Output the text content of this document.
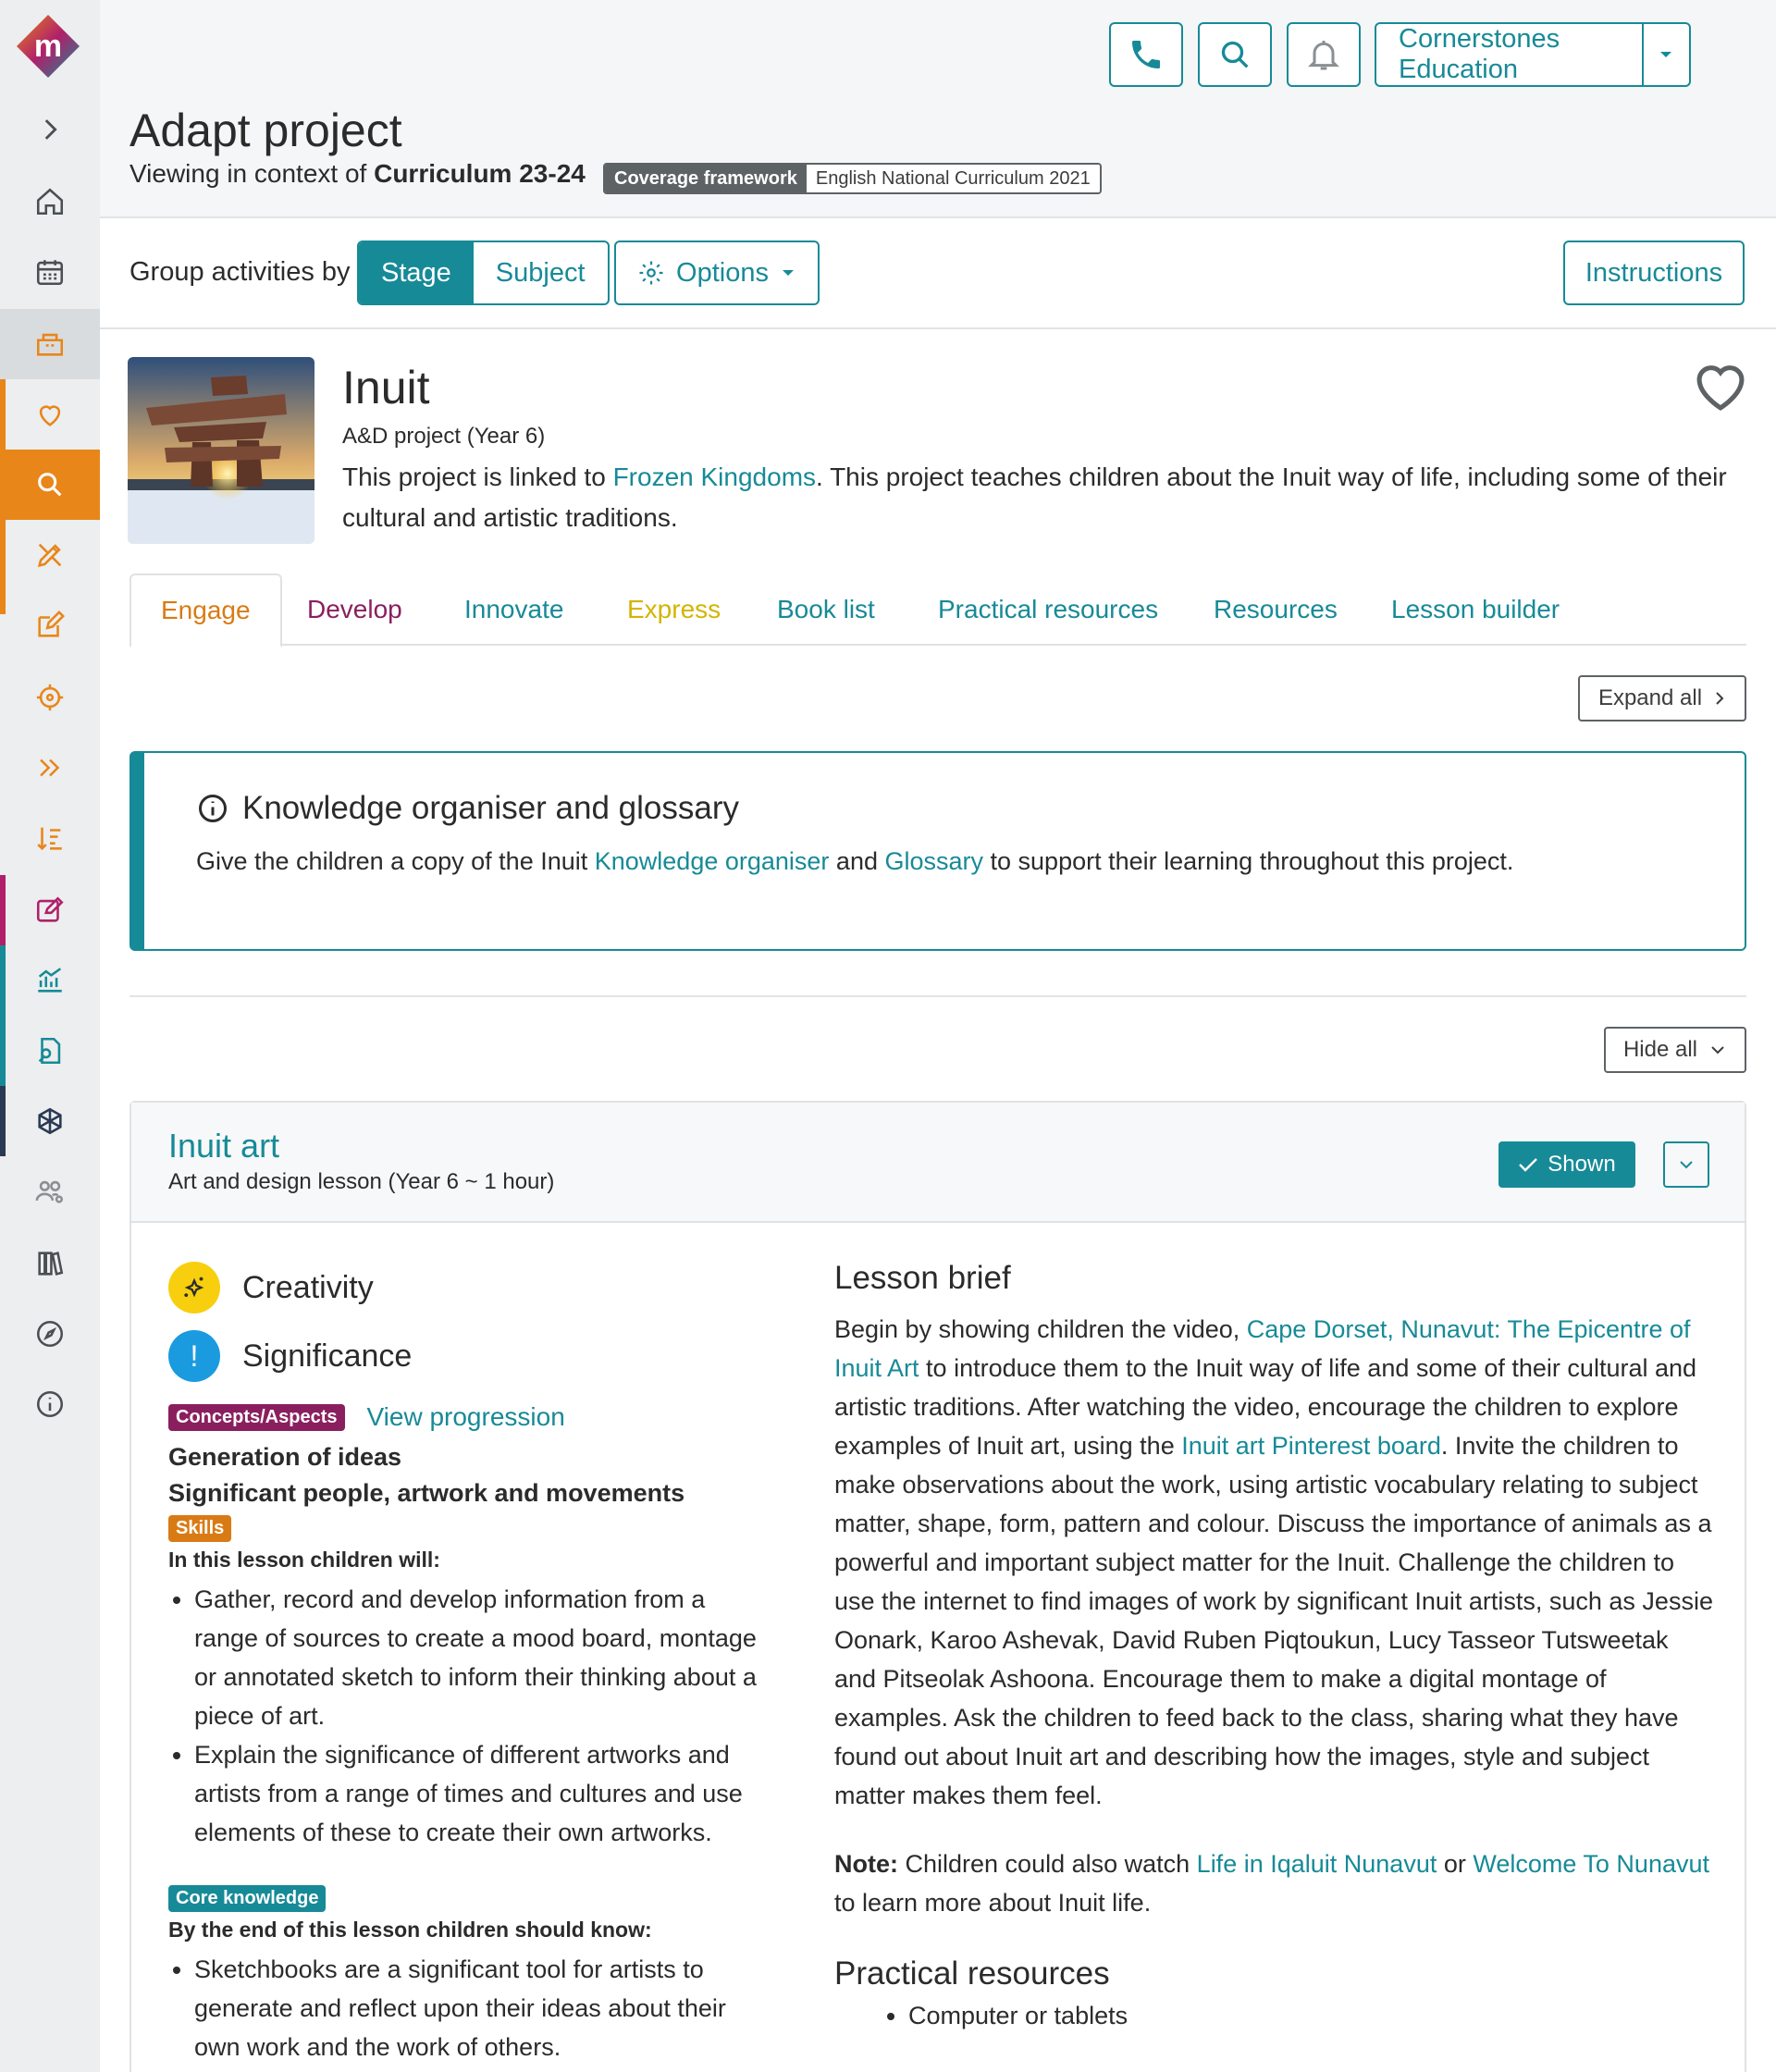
m	Cornerstones Education
Adapt project
Viewing in context of Curriculum 23-24	Coverage framework	English National Curriculum 2021
Group activities by	Stage	Subject	Options	Instructions
Inuit
A&D project (Year 6)
This project is linked to Frozen Kingdoms. This project teaches children about the Inuit way of life, including some of their cultural and artistic traditions.
Engage Develop Innovate Express Book list Practical resources Resources Lesson builder
Expand all
Knowledge organiser and glossary
Give the children a copy of the Inuit Knowledge organiser and Glossary to support their learning throughout this project.
Hide all
Inuit art
Art and design lesson (Year 6 ~ 1 hour)
Shown
Creativity
!	Significance
Concepts/Aspects View progression
Generation of ideas
Significant people, artwork and movements
Skills
In this lesson children will:
• Gather, record and develop information from a range of sources to create a mood board, montage or annotated sketch to inform their thinking about a piece of art.
• Explain the significance of different artworks and artists from a range of times and cultures and use elements of these to create their own artworks.
Core knowledge
By the end of this lesson children should know:
• Sketchbooks are a significant tool for artists to generate and reflect upon their ideas about their own work and the work of others.
Lesson brief
Begin by showing children the video, Cape Dorset, Nunavut: The Epicentre of Inuit Art to introduce them to the Inuit way of life and some of their cultural and artistic traditions. After watching the video, encourage the children to explore examples of Inuit art, using the Inuit art Pinterest board. Invite the children to make observations about the work, using artistic vocabulary relating to subject matter, shape, form, pattern and colour. Discuss the importance of animals as a powerful and important subject matter for the Inuit. Challenge the children to use the internet to find images of work by significant Inuit artists, such as Jessie Oonark, Karoo Ashevak, David Ruben Piqtoukun, Lucy Tasseor Tutsweetak and Pitseolak Ashoona. Encourage them to make a digital montage of examples. Ask the children to feed back to the class, sharing what they have found out about Inuit art and describing how the images, style and subject matter makes them feel.
Note: Children could also watch Life in Iqaluit Nunavut or Welcome To Nunavut to learn more about Inuit life.
Practical resources
• Computer or tablets
